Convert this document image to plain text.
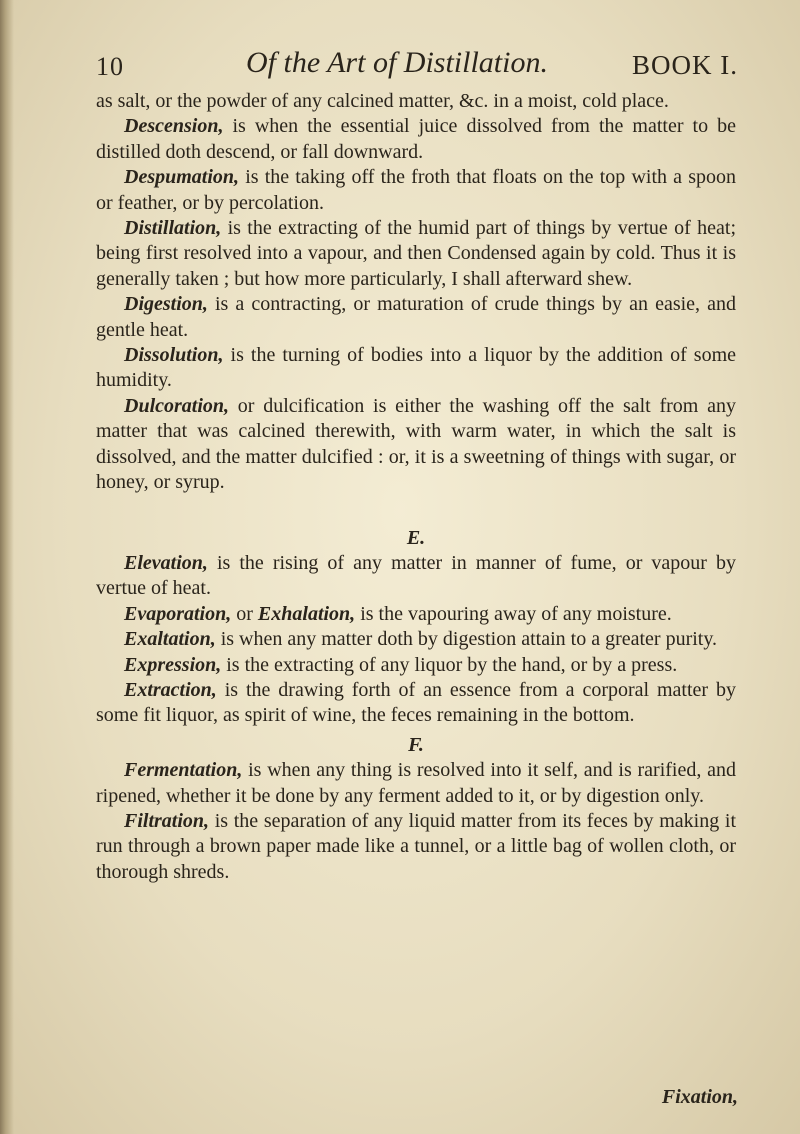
10	Of the Art of Distillation.	BOOK I.

as salt, or the powder of any calcined matter, &c. in a moist, cold place.

Descension, is when the essential juice dissolved from the matter to be distilled doth descend, or fall downward.

Despumation, is the taking off the froth that floats on the top with a spoon or feather, or by percolation.

Distillation, is the extracting of the humid part of things by vertue of heat; being first resolved into a vapour, and then Condensed again by cold. Thus it is generally taken ; but how more particularly, I shall afterward shew.

Digestion, is a contracting, or maturation of crude things by an easie, and gentle heat.

Dissolution, is the turning of bodies into a liquor by the addition of some humidity.

Dulcoration, or dulcification is either the washing off the salt from any matter that was calcined therewith, with warm water, in which the salt is dissolved, and the matter dulcified : or, it is a sweetning of things with sugar, or honey, or syrup.

E.

Elevation, is the rising of any matter in manner of fume, or vapour by vertue of heat.

Evaporation, or Exhalation, is the vapouring away of any moisture.

Exaltation, is when any matter doth by digestion attain to a greater purity.

Expression, is the extracting of any liquor by the hand, or by a press.

Extraction, is the drawing forth of an essence from a corporal matter by some fit liquor, as spirit of wine, the feces remaining in the bottom.

F.

Fermentation, is when any thing is resolved into it self, and is rarified, and ripened, whether it be done by any ferment added to it, or by digestion only.

Filtration, is the separation of any liquid matter from its feces by making it run through a brown paper made like a tunnel, or a little bag of wollen cloth, or thorough shreds.

Fixation,
